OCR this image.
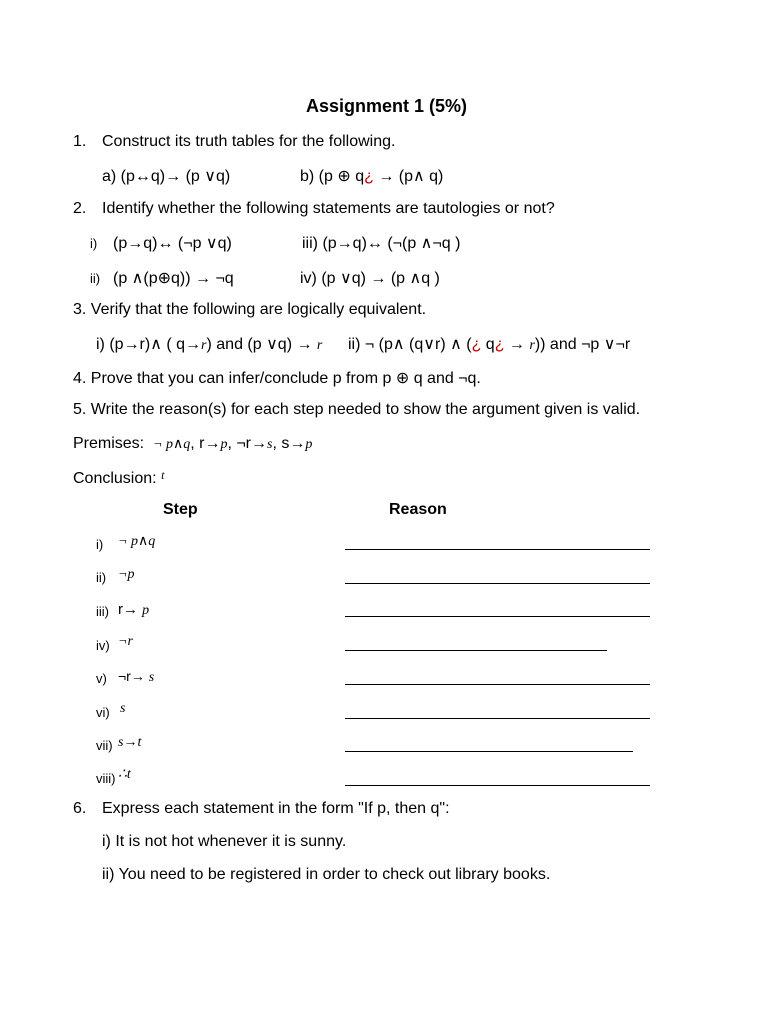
Assignment 1 (5%)
1. Construct its truth tables for the following.
a) (p↔q)→ (p ∨q)	b) (p ⊕ q¿ → (p∧ q)
2. Identify whether the following statements are tautologies or not?
i) (p→q)↔ (¬p ∨q)	iii) (p→q)↔ (¬(p ∧¬q )
ii) (p ∧(p⊕q)) → ¬q	iv) (p ∨q) → (p ∧q )
3. Verify that the following are logically equivalent.
i) (p→r)∧ ( q→r) and (p ∨q) → r ii) ¬ (p∧ (q∨r) ∧ (¿ q¿ → r)) and ¬p ∨¬r
4. Prove that you can infer/conclude p from p ⊕ q and ¬q.
5. Write the reason(s) for each step needed to show the argument given is valid.
Premises: ¬ p∧q, r→p, ¬r→s, s→p
Conclusion: $^t$
Step	Reason
i) ¬ p∧q
ii) ¬p
iii) r→ p
iv) ¬r
v) ¬r→ s
vi) s
vii) s→t
viii) ∴t
6. Express each statement in the form "If p, then q":
i) It is not hot whenever it is sunny.
ii) You need to be registered in order to check out library books.
